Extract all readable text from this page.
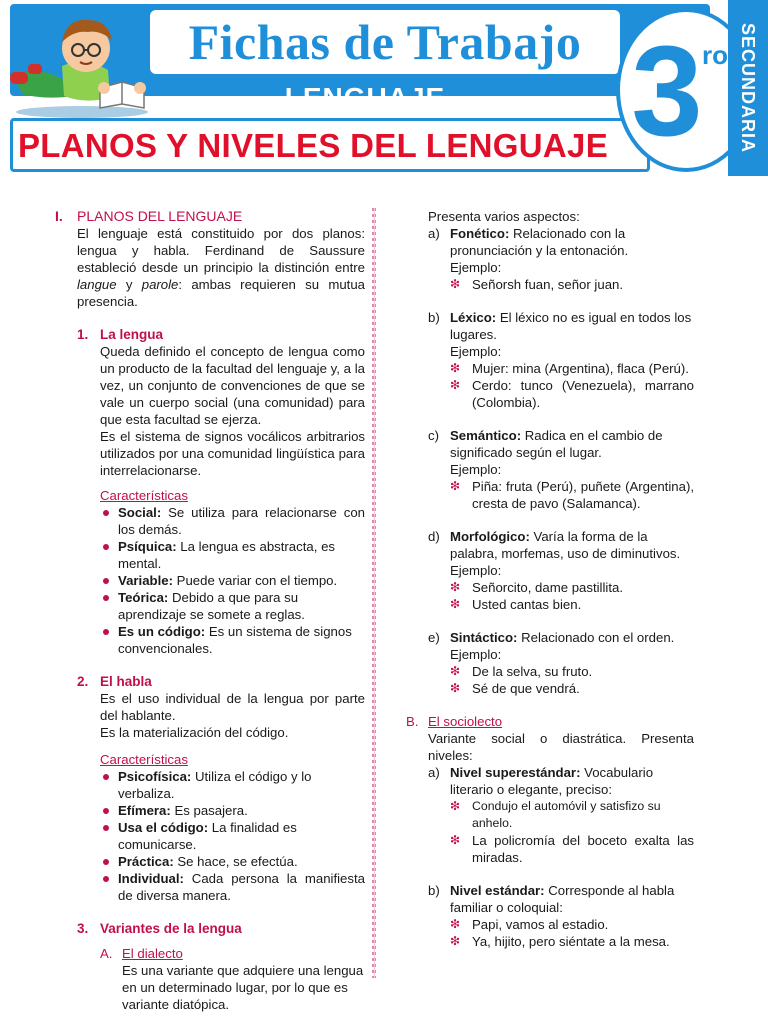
Fichas de Trabajo
LENGUAJE
PLANOS Y NIVELES DEL LENGUAJE 3 ro SECUNDARIA

I. PLANOS DEL LENGUAJE

El lenguaje está constituido por dos planos: lengua y habla. Ferdinand de Saussure estableció desde un principio la distinción entre langue y parole: ambas requieren su mutua presencia.

1. La lengua

Queda definido el concepto de lengua como un producto de la facultad del lenguaje y, a la vez, un conjunto de convenciones de que se vale un cuerpo social (una comunidad) para que esta facultad se ejerza.

Es el sistema de signos vocálicos arbitrarios utilizados por una comunidad lingüística para interrelacionarse.

Características

Social: Se utiliza para relacionarse con los demás.

Psíquica: La lengua es abstracta, es mental.

Variable: Puede variar con el tiempo.

Teórica: Debido a que para su aprendizaje se somete a reglas.

Es un código: Es un sistema de signos convencionales.

2. El habla

Es el uso individual de la lengua por parte del hablante.

Es la materialización del código.

Características

Psicofísica: Utiliza el código y lo verbaliza.

Efímera: Es pasajera.

Usa el código: La finalidad es comunicarse.

Práctica: Se hace, se efectúa.

Individual: Cada persona la manifiesta de diversa manera.

3. Variantes de la lengua

A. El dialecto

Es una variante que adquiere una lengua en un determinado lugar, por lo que es variante diatópica.

Presenta varios aspectos:

a) Fonético: Relacionado con la pronunciación y la entonación.

Ejemplo:

❇ Señorsh fuan, señor juan.

b) Léxico: El léxico no es igual en todos los lugares.

Ejemplo:

❇ Mujer: mina (Argentina), flaca (Perú).

❇ Cerdo: tunco (Venezuela), marrano (Colombia).

c) Semántico: Radica en el cambio de significado según el lugar.

Ejemplo:

❇ Piña: fruta (Perú), puñete (Argentina), cresta de pavo (Salamanca).

d) Morfológico: Varía la forma de la palabra, morfemas, uso de diminutivos.

Ejemplo:

❇ Señorcito, dame pastillita.

❇ Usted cantas bien.

e) Sintáctico: Relacionado con el orden.

Ejemplo:

❇ De la selva, su fruto.

❇ Sé de que vendrá.

B. El sociolecto

Variante social o diastrática. Presenta niveles:

a) Nivel superestándar: Vocabulario literario o elegante, preciso:

❇ Condujo el automóvil y satisfizo su anhelo.

❇ La policromía del boceto exalta las miradas.

b) Nivel estándar: Corresponde al habla familiar o coloquial:

❇ Papi, vamos al estadio.

❇ Ya, hijito, pero siéntate a la mesa.
